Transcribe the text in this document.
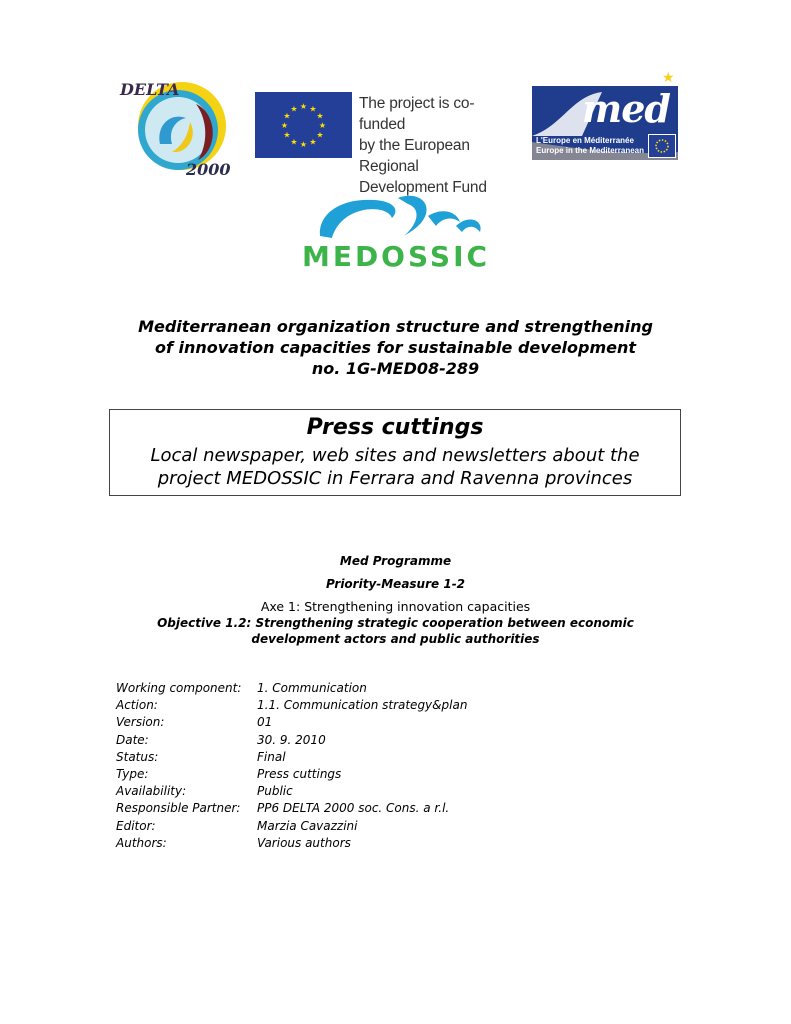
DELTA
2000
★ ★
★
★
★
★
★
★
★
★
★
★	The project is co-funded
by the European Regional
Development Fund
★
med
L'Europe en Méditerranée
Europe in the Mediterranean
MEDOSSIC
Mediterranean organization structure and strengthening
of innovation capacities for sustainable development
no. 1G-MED08-289
Press cuttings
Local newspaper, web sites and newsletters about the
project MEDOSSIC in Ferrara and Ravenna provinces
Med Programme
Priority-Measure 1-2
Axe 1: Strengthening innovation capacities
Objective 1.2: Strengthening strategic cooperation between economic
development actors and public authorities
Working component:	1. Communication
Action:	1.1. Communication strategy&plan
Version:	01
Date:	30. 9. 2010
Status:	Final
Type:	Press cuttings
Availability:	Public
Responsible Partner:	PP6 DELTA 2000 soc. Cons. a r.l.
Editor:	Marzia Cavazzini
Authors:	Various authors
